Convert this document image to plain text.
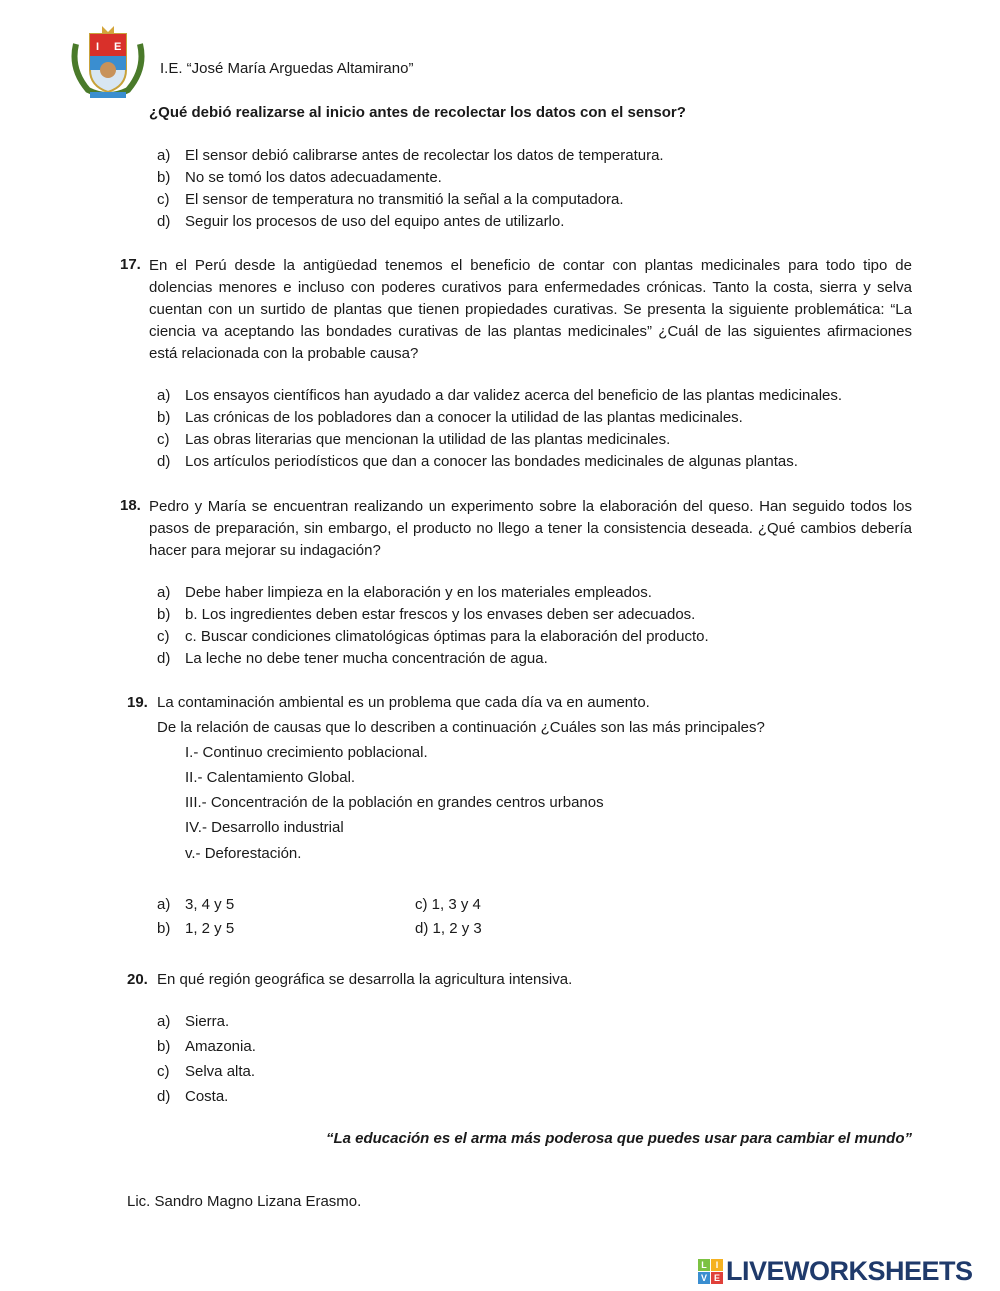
I E
I.E. “José María Arguedas Altamirano”
¿Qué debió realizarse al inicio antes de recolectar los datos con el sensor?
a) El sensor debió calibrarse antes de recolectar los datos de temperatura.
b) No se tomó los datos adecuadamente.
c) El sensor de temperatura no transmitió la señal a la computadora.
d) Seguir los procesos de uso del equipo antes de utilizarlo.
17. En el Perú desde la antigüedad tenemos el beneficio de contar con plantas medicinales para todo tipo de dolencias menores e incluso con poderes curativos para enfermedades crónicas. Tanto la costa, sierra y selva cuentan con un surtido de plantas que tienen propiedades curativas. Se presenta la siguiente problemática: “La ciencia va aceptando las bondades curativas de las plantas medicinales” ¿Cuál de las siguientes afirmaciones está relacionada con la probable causa?
a) Los ensayos científicos han ayudado a dar validez acerca del beneficio de las plantas medicinales.
b) Las crónicas de los pobladores dan a conocer la utilidad de las plantas medicinales.
c) Las obras literarias que mencionan la utilidad de las plantas medicinales.
d) Los artículos periodísticos que dan a conocer las bondades medicinales de algunas plantas.
18. Pedro y María se encuentran realizando un experimento sobre la elaboración del queso. Han seguido todos los pasos de preparación, sin embargo, el producto no llego a tener la consistencia deseada. ¿Qué cambios debería hacer para mejorar su indagación?
a) Debe haber limpieza en la elaboración y en los materiales empleados.
b) b. Los ingredientes deben estar frescos y los envases deben ser adecuados.
c) c. Buscar condiciones climatológicas óptimas para la elaboración del producto.
d) La leche no debe tener mucha concentración de agua.
19. La contaminación ambiental es un problema que cada día va en aumento.
De la relación de causas que lo describen a continuación ¿Cuáles son las más principales?
I.- Continuo crecimiento poblacional.
II.- Calentamiento Global.
III.- Concentración de la población en grandes centros urbanos
IV.- Desarrollo industrial
v.- Deforestación.
a) 3, 4 y 5	c) 1, 3 y 4
b) 1, 2 y 5	d) 1, 2 y 3
20. En qué región geográfica se desarrolla la agricultura intensiva.
a) Sierra.
b) Amazonia.
c) Selva alta.
d) Costa.
“La educación es el arma más poderosa que puedes usar para cambiar el mundo”
Lic. Sandro Magno Lizana Erasmo.
L I
V E LIVEWORKSHEETS
